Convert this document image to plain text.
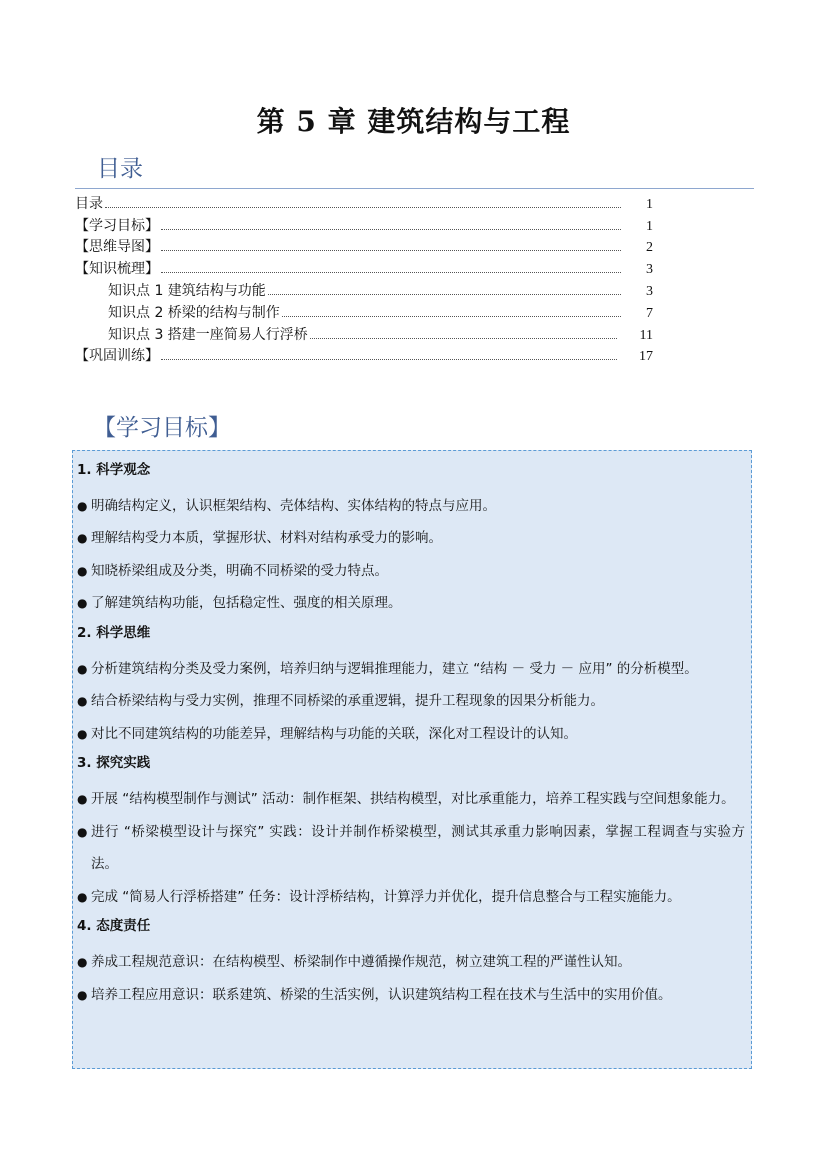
第 5 章 建筑结构与工程
目录
目录	1
【学习目标】	1
【思维导图】	2
【知识梳理】	3
知识点 1 建筑结构与功能	3
知识点 2 桥梁的结构与制作	7
知识点 3 搭建一座简易人行浮桥	11
【巩固训练】	17
【学习目标】
1. 科学观念
● 明确结构定义，认识框架结构、壳体结构、实体结构的特点与应用。
● 理解结构受力本质，掌握形状、材料对结构承受力的影响。
● 知晓桥梁组成及分类，明确不同桥梁的受力特点。
● 了解建筑结构功能，包括稳定性、强度的相关原理。
2. 科学思维
● 分析建筑结构分类及受力案例，培养归纳与逻辑推理能力，建立 “结构 － 受力 － 应用” 的分析模型。
● 结合桥梁结构与受力实例，推理不同桥梁的承重逻辑，提升工程现象的因果分析能力。
● 对比不同建筑结构的功能差异，理解结构与功能的关联，深化对工程设计的认知。
3. 探究实践
● 开展 “结构模型制作与测试” 活动：制作框架、拱结构模型，对比承重能力，培养工程实践与空间想象能力。
● 进行 “桥梁模型设计与探究” 实践：设计并制作桥梁模型，测试其承重力影响因素，掌握工程调查与实验方法。
● 完成 “简易人行浮桥搭建” 任务：设计浮桥结构，计算浮力并优化，提升信息整合与工程实施能力。
4. 态度责任
● 养成工程规范意识：在结构模型、桥梁制作中遵循操作规范，树立建筑工程的严谨性认知。
● 培养工程应用意识：联系建筑、桥梁的生活实例，认识建筑结构工程在技术与生活中的实用价值。
